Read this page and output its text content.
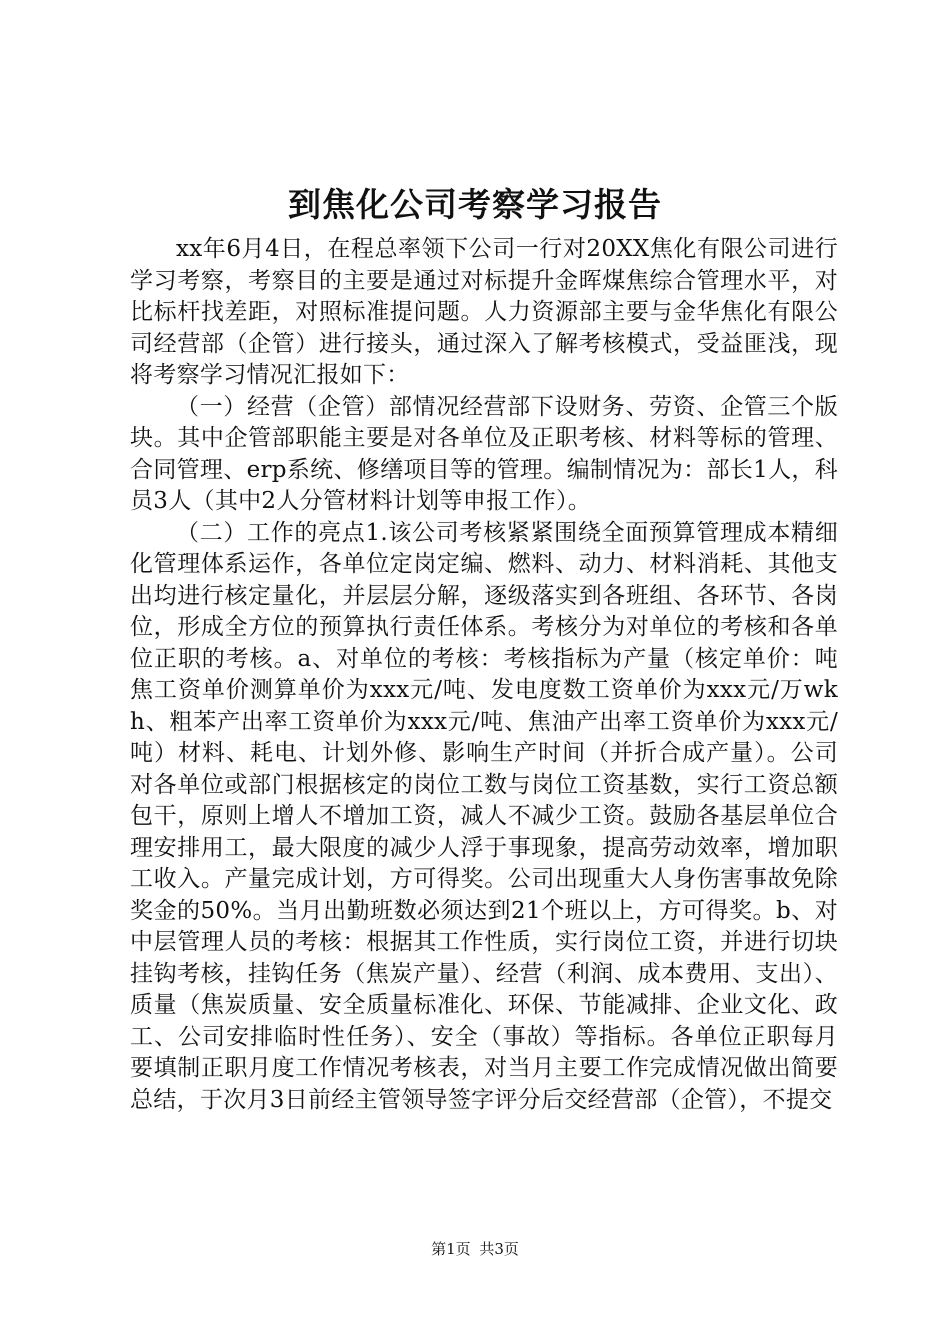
到焦化公司考察学习报告

xx年6月4日，在程总率领下公司一行对20XX焦化有限公司进行学习考察，考察目的主要是通过对标提升金晖煤焦综合管理水平，对比标杆找差距，对照标准提问题。人力资源部主要与金华焦化有限公司经营部（企管）进行接头，通过深入了解考核模式，受益匪浅，现将考察学习情况汇报如下：

（一）经营（企管）部情况经营部下设财务、劳资、企管三个版块。其中企管部职能主要是对各单位及正职考核、材料等标的管理、合同管理、erp系统、修缮项目等的管理。编制情况为：部长1人，科员3人（其中2人分管材料计划等申报工作）。

（二）工作的亮点1.该公司考核紧紧围绕全面预算管理成本精细化管理体系运作，各单位定岗定编、燃料、动力、材料消耗、其他支出均进行核定量化，并层层分解，逐级落实到各班组、各环节、各岗位，形成全方位的预算执行责任体系。考核分为对单位的考核和各单位正职的考核。a、对单位的考核：考核指标为产量（核定单价：吨焦工资单价测算单价为xxx元/吨、发电度数工资单价为xxx元/万wkh、粗苯产出率工资单价为xxx元/吨、焦油产出率工资单价为xxx元/吨）材料、耗电、计划外修、影响生产时间（并折合成产量）。公司对各单位或部门根据核定的岗位工数与岗位工资基数，实行工资总额包干，原则上增人不增加工资，减人不减少工资。鼓励各基层单位合理安排用工，最大限度的减少人浮于事现象，提高劳动效率，增加职工收入。产量完成计划，方可得奖。公司出现重大人身伤害事故免除奖金的50%。当月出勤班数必须达到21个班以上，方可得奖。b、对中层管理人员的考核：根据其工作性质，实行岗位工资，并进行切块挂钩考核，挂钩任务（焦炭产量）、经营（利润、成本费用、支出）、质量（焦炭质量、安全质量标准化、环保、节能减排、企业文化、政工、公司安排临时性任务）、安全（事故）等指标。各单位正职每月要填制正职月度工作情况考核表，对当月主要工作完成情况做出简要总结，于次月3日前经主管领导签字评分后交经营部（企管），不提交

第1页 共3页
